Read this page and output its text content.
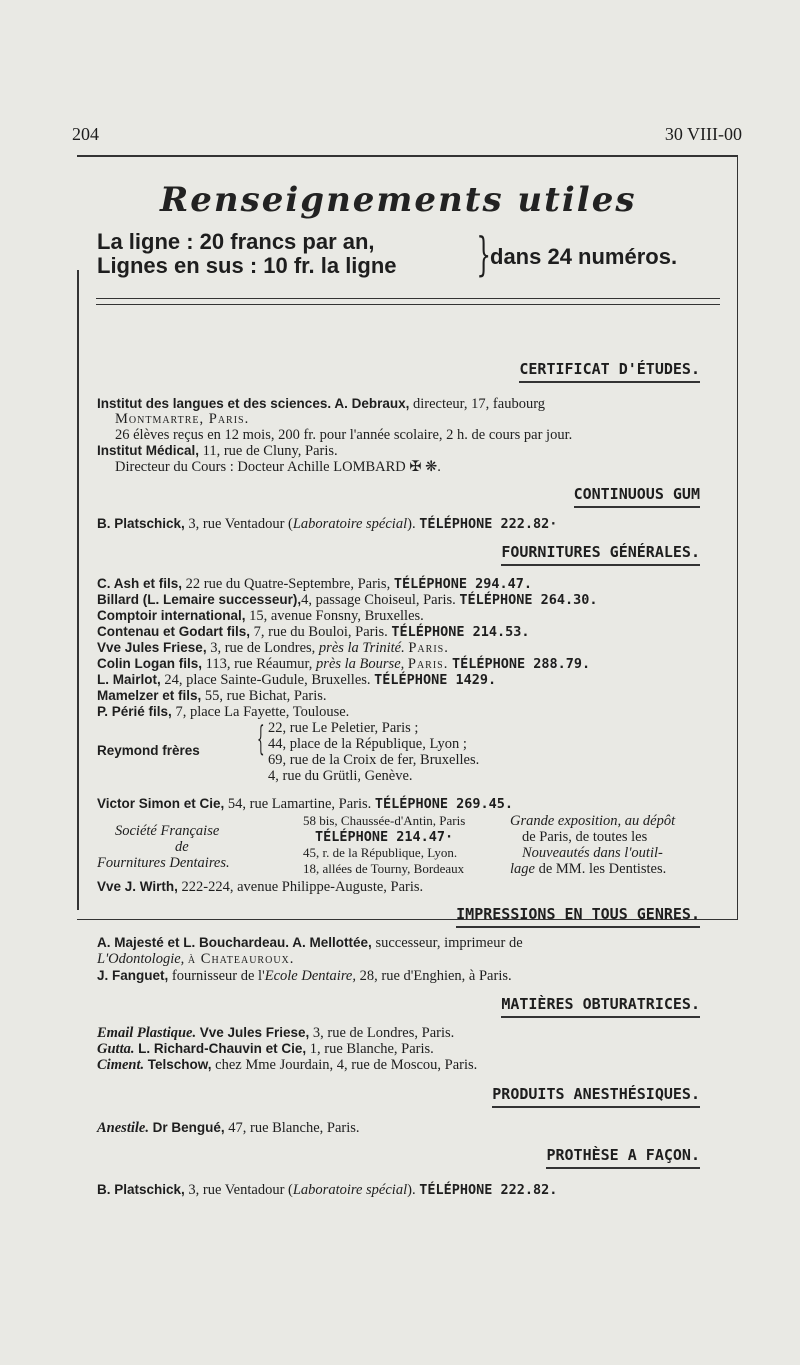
204	30 VIII-00
Renseignements utiles
La ligne : 20 francs par an,
Lignes en sus : 10 fr. la ligne } dans 24 numéros.
CERTIFICAT D'ÉTUDES.
Institut des langues et des sciences. A. Debraux, directeur, 17, faubourg
Montmartre, Paris.
26 élèves reçus en 12 mois, 200 fr. pour l'année scolaire, 2 h. de cours par jour.
Institut Médical, 11, rue de Cluny, Paris.
Directeur du Cours : Docteur Achille LOMBARD ✠ ❋.
CONTINUOUS GUM
B. Platschick, 3, rue Ventadour (Laboratoire spécial). TÉLÉPHONE 222.82·
FOURNITURES GÉNÉRALES.
C. Ash et fils, 22 rue du Quatre-Septembre, Paris, TÉLÉPHONE 294.47.
Billard (L. Lemaire successeur),4, passage Choiseul, Paris. TÉLÉPHONE 264.30.
Comptoir international, 15, avenue Fonsny, Bruxelles.
Contenau et Godart fils, 7, rue du Bouloi, Paris. TÉLÉPHONE 214.53.
Vve Jules Friese, 3, rue de Londres, près la Trinité. Paris.
Colin Logan fils, 113, rue Réaumur, près la Bourse, Paris. TÉLÉPHONE 288.79.
L. Mairlot, 24, place Sainte-Gudule, Bruxelles. TÉLÉPHONE 1429.
Mamelzer et fils, 55, rue Bichat, Paris.
P. Périé fils, 7, place La Fayette, Toulouse.
Reymond frères	{ 22, rue Le Peletier, Paris ;
44, place de la République, Lyon ;
69, rue de la Croix de fer, Bruxelles.
4, rue du Grütli, Genève.
Victor Simon et Cie, 54, rue Lamartine, Paris. TÉLÉPHONE 269.45.
Société Française
de
Fournitures Dentaires.
58 bis, Chaussée-d'Antin, Paris
TÉLÉPHONE 214.47·
45, r. de la République, Lyon.
18, allées de Tourny, Bordeaux
Grande exposition, au dépôt
de Paris, de toutes les
Nouveautés dans l'outil-
lage de MM. les Dentistes.
Vve J. Wirth, 222-224, avenue Philippe-Auguste, Paris.
IMPRESSIONS EN TOUS GENRES.
A. Majesté et L. Bouchardeau. A. Mellottée, successeur, imprimeur de
L'Odontologie, à Chateauroux.
J. Fanguet, fournisseur de l'Ecole Dentaire, 28, rue d'Enghien, à Paris.
MATIÈRES OBTURATRICES.
Email Plastique. Vve Jules Friese, 3, rue de Londres, Paris.
Gutta. L. Richard-Chauvin et Cie, 1, rue Blanche, Paris.
Ciment. Telschow, chez Mme Jourdain, 4, rue de Moscou, Paris.
PRODUITS ANESTHÉSIQUES.
Anestile. Dr Bengué, 47, rue Blanche, Paris.
PROTHÈSE A FAÇON.
B. Platschick, 3, rue Ventadour (Laboratoire spécial). TÉLÉPHONE 222.82.
